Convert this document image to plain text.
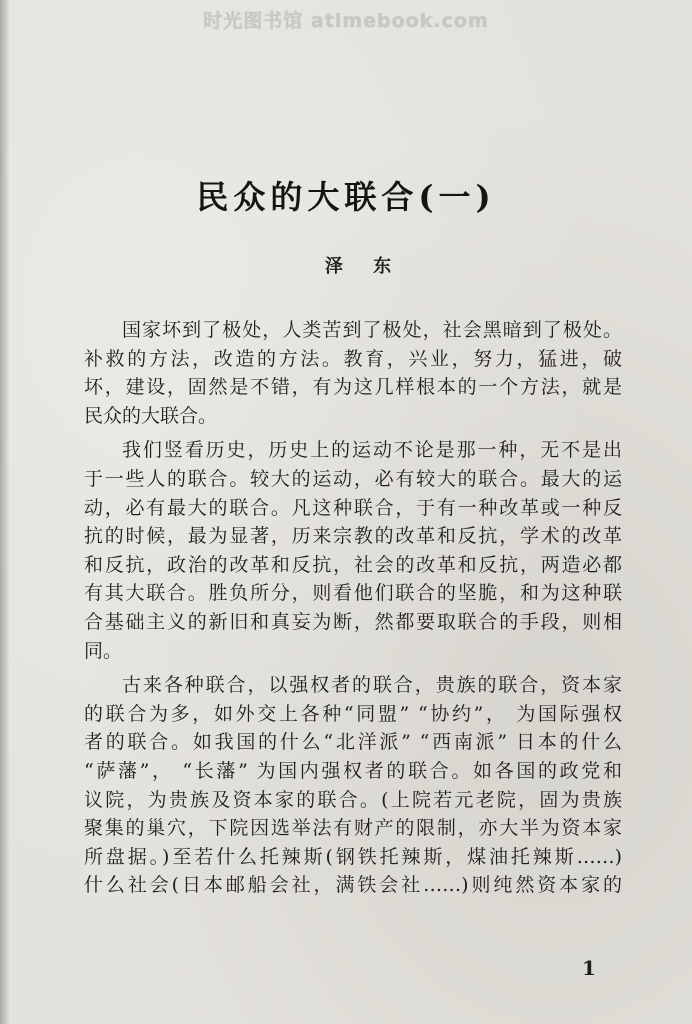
时光图书馆 atimebook.com
民众的大联合(一)
泽 东
国家坏到了极处，人类苦到了极处，社会黑暗到了极处。
补救的方法，改造的方法。教育，兴业，努力，猛进，破
坏，建设，固然是不错，有为这几样根本的一个方法，就是
民众的大联合。
我们竖看历史，历史上的运动不论是那一种，无不是出
于一些人的联合。较大的运动，必有较大的联合。最大的运
动，必有最大的联合。凡这种联合，于有一种改革或一种反
抗的时候，最为显著，历来宗教的改革和反抗，学术的改革
和反抗，政治的改革和反抗，社会的改革和反抗，两造必都
有其大联合。胜负所分，则看他们联合的坚脆，和为这种联
合基础主义的新旧和真妄为断，然都要取联合的手段，则相
同。
古来各种联合，以强权者的联合，贵族的联合，资本家
的联合为多，如外交上各种“同盟” “协约”， 为国际强权
者的联合。如我国的什么“北洋派” “西南派” 日本的什么
“萨藩”， “长藩” 为国内强权者的联合。如各国的政党和
议院，为贵族及资本家的联合。(上院若元老院，固为贵族
聚集的巢穴，下院因选举法有财产的限制，亦大半为资本家
所盘据。)至若什么托辣斯(钢铁托辣斯，煤油托辣斯……)
什么社会(日本邮船会社，满铁会社……)则纯然资本家的
1
